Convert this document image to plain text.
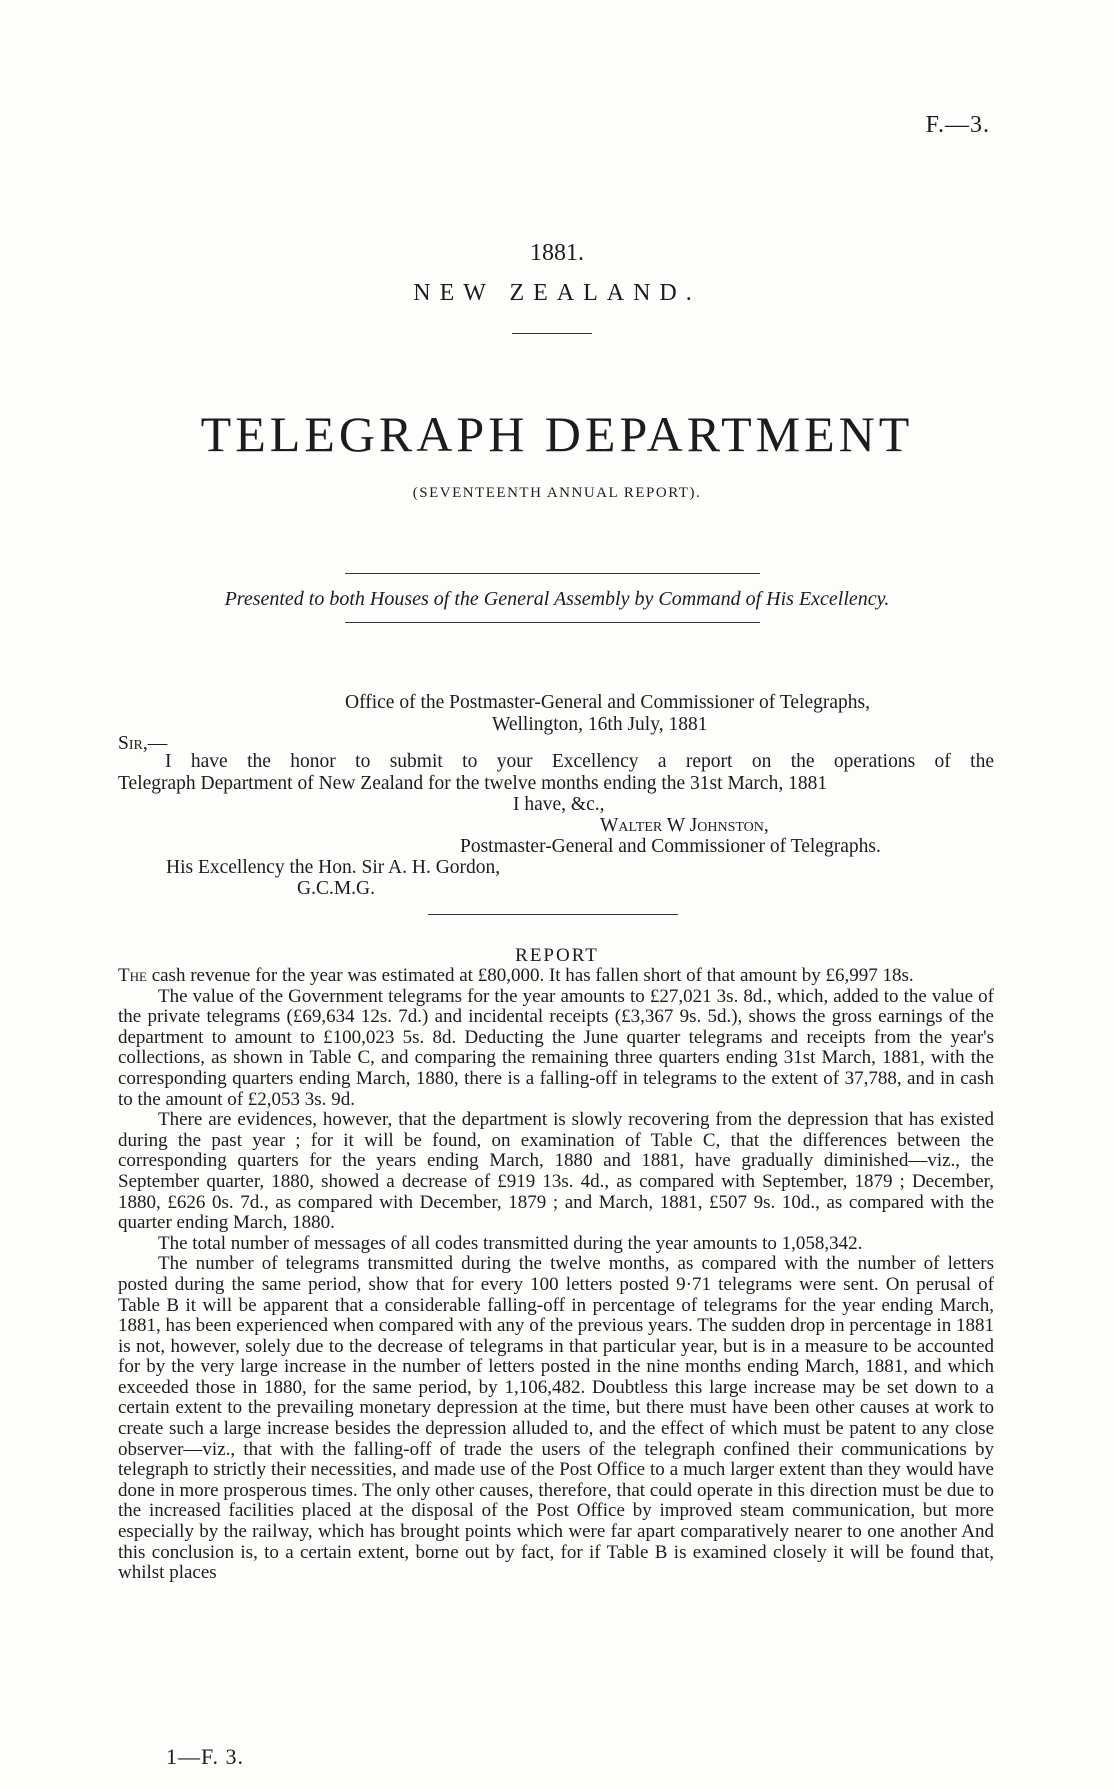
F.—3.
1881.
NEW ZEALAND.
TELEGRAPH DEPARTMENT
(SEVENTEENTH ANNUAL REPORT).
Presented to both Houses of the General Assembly by Command of His Excellency.
Office of the Postmaster-General and Commissioner of Telegraphs,
Wellington, 16th July, 1881
Sir,—
I have the honor to submit to your Excellency a report on the operations of the
Telegraph Department of New Zealand for the twelve months ending the 31st March, 1881
I have, &c.,
Walter W Johnston,
Postmaster-General and Commissioner of Telegraphs.
His Excellency the Hon. Sir A. H. Gordon,
G.C.M.G.
REPORT

The cash revenue for the year was estimated at £80,000. It has fallen short of that amount by £6,997 18s.

The value of the Government telegrams for the year amounts to £27,021 3s. 8d., which, added to the value of the private telegrams (£69,634 12s. 7d.) and incidental receipts (£3,367 9s. 5d.), shows the gross earnings of the department to amount to £100,023 5s. 8d. Deducting the June quarter telegrams and receipts from the year's collections, as shown in Table C, and comparing the remaining three quarters ending 31st March, 1881, with the corresponding quarters ending March, 1880, there is a falling-off in telegrams to the extent of 37,788, and in cash to the amount of £2,053 3s. 9d.

There are evidences, however, that the department is slowly recovering from the depression that has existed during the past year ; for it will be found, on examination of Table C, that the differences between the corresponding quarters for the years ending March, 1880 and 1881, have gradually diminished—viz., the September quarter, 1880, showed a decrease of £919 13s. 4d., as compared with September, 1879 ; December, 1880, £626 0s. 7d., as compared with December, 1879 ; and March, 1881, £507 9s. 10d., as compared with the quarter ending March, 1880.

The total number of messages of all codes transmitted during the year amounts to 1,058,342.

The number of telegrams transmitted during the twelve months, as compared with the number of letters posted during the same period, show that for every 100 letters posted 9·71 telegrams were sent. On perusal of Table B it will be apparent that a considerable falling-off in percentage of telegrams for the year ending March, 1881, has been experienced when compared with any of the previous years. The sudden drop in percentage in 1881 is not, however, solely due to the decrease of telegrams in that particular year, but is in a measure to be accounted for by the very large increase in the number of letters posted in the nine months ending March, 1881, and which exceeded those in 1880, for the same period, by 1,106,482. Doubtless this large increase may be set down to a certain extent to the prevailing monetary depression at the time, but there must have been other causes at work to create such a large increase besides the depression alluded to, and the effect of which must be patent to any close observer—viz., that with the falling-off of trade the users of the telegraph confined their communications by telegraph to strictly their necessities, and made use of the Post Office to a much larger extent than they would have done in more prosperous times. The only other causes, therefore, that could operate in this direction must be due to the increased facilities placed at the disposal of the Post Office by improved steam communication, but more especially by the railway, which has brought points which were far apart comparatively nearer to one another And this conclusion is, to a certain extent, borne out by fact, for if Table B is examined closely it will be found that, whilst places

1—F. 3.
